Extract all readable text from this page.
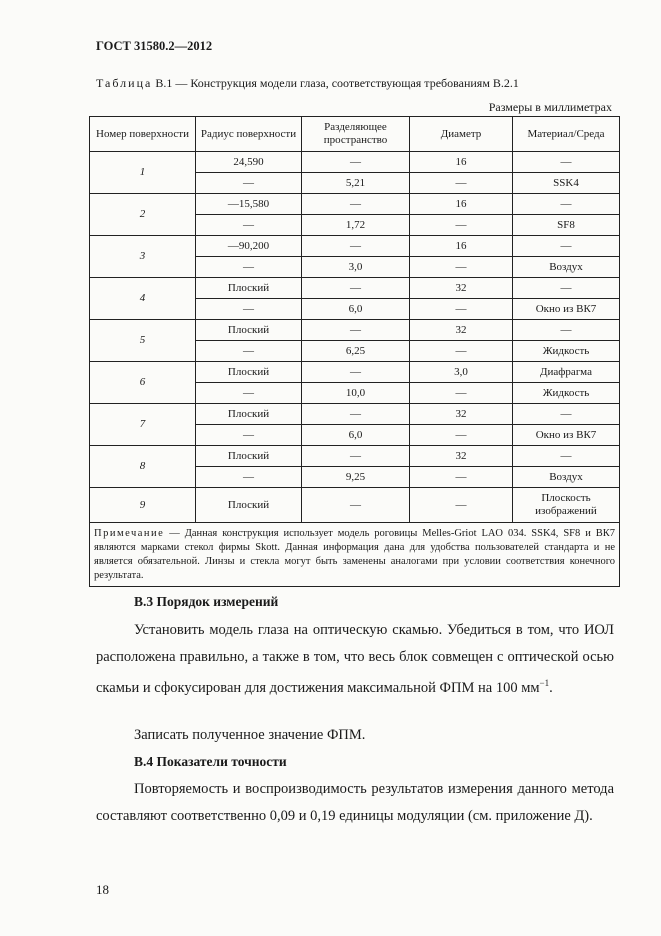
ГОСТ 31580.2—2012
Таблица В.1 — Конструкция модели глаза, соответствующая требованиям В.2.1
Размеры в миллиметрах
Номер поверхности	Радиус поверхности	Разделяющее пространство	Диаметр	Материал/Среда
1	24,590	—	16	—
	—	5,21	—	SSK4
2	—15,580	—	16	—
	—	1,72	—	SF8
3	—90,200	—	16	—
	—	3,0	—	Воздух
4	Плоский	—	32	—
	—	6,0	—	Окно из ВК7
5	Плоский	—	32	—
	—	6,25	—	Жидкость
6	Плоский	—	3,0	Диафрагма
	—	10,0	—	Жидкость
7	Плоский	—	32	—
	—	6,0	—	Окно из ВК7
8	Плоский	—	32	—
	—	9,25	—	Воздух
9	Плоский	—	—	Плоскость изображений
Примечание — Данная конструкция использует модель роговицы Melles-Griot LAO 034. SSK4, SF8 и ВК7 являются марками стекол фирмы Skott. Данная информация дана для удобства пользователей стандарта и не является обязательной. Линзы и стекла могут быть заменены аналогами при условии соответствия конечного результата.				
В.3 Порядок измерений
Установить модель глаза на оптическую скамью. Убедиться в том, что ИОЛ расположена правильно, а также в том, что весь блок совмещен с оптической осью скамьи и сфокусирован для достижения максимальной ФПМ на 100 $мм^{-1}$.
Записать полученное значение ФПМ.
В.4 Показатели точности
Повторяемость и воспроизводимость результатов измерения данного метода составляют соответственно 0,09 и 0,19 единицы модуляции (см. приложение Д).
18
